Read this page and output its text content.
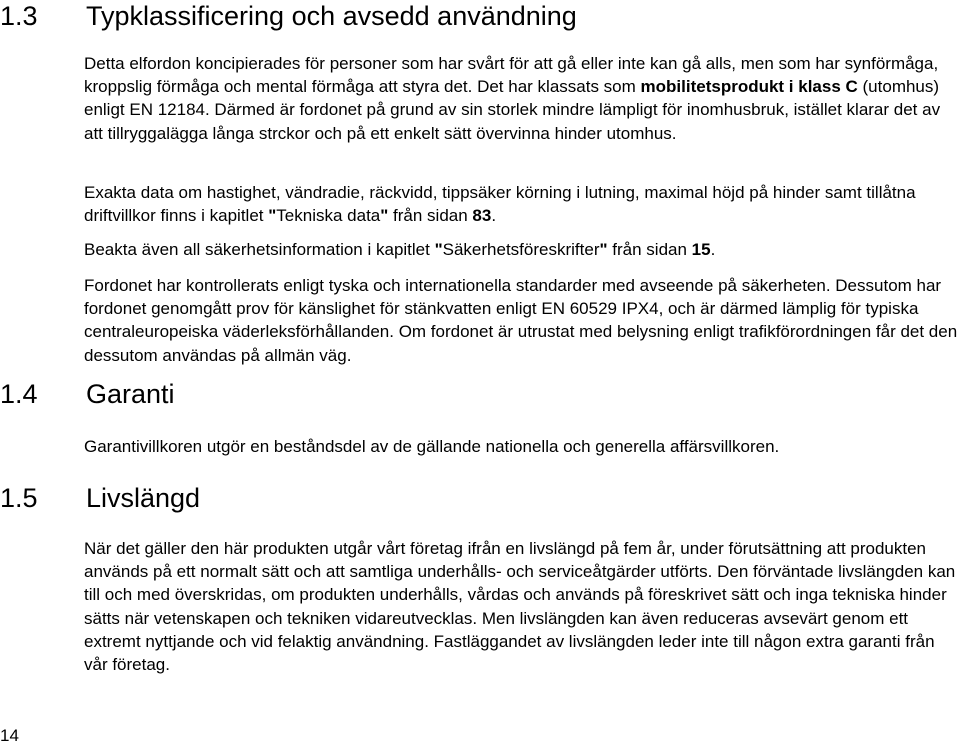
1.3 Typklassificering och avsedd användning

Detta elfordon koncipierades för personer som har svårt för att gå eller inte kan gå alls, men som har synförmåga, kroppslig förmåga och mental förmåga att styra det. Det har klassats som mobilitetsprodukt i klass C (utomhus) enligt EN 12184. Därmed är fordonet på grund av sin storlek mindre lämpligt för inomhusbruk, istället klarar det av att tillryggalägga långa strckor och på ett enkelt sätt övervinna hinder utomhus.

Exakta data om hastighet, vändradie, räckvidd, tippsäker körning i lutning, maximal höjd på hinder samt tillåtna driftvillkor finns i kapitlet "Tekniska data" från sidan 83.

Beakta även all säkerhetsinformation i kapitlet "Säkerhetsföreskrifter" från sidan 15.

Fordonet har kontrollerats enligt tyska och internationella standarder med avseende på säkerheten. Dessutom har fordonet genomgått prov för känslighet för stänkvatten enligt EN 60529 IPX4, och är därmed lämplig för typiska centraleuropeiska väderleksförhållanden. Om fordonet är utrustat med belysning enligt trafikförordningen får det den dessutom användas på allmän väg.

1.4 Garanti

Garantivillkoren utgör en beståndsdel av de gällande nationella och generella affärsvillkoren.

1.5 Livslängd

När det gäller den här produkten utgår vårt företag ifrån en livslängd på fem år, under förutsättning att produkten används på ett normalt sätt och att samtliga underhålls- och serviceåtgärder utförts. Den förväntade livslängden kan till och med överskridas, om produkten underhålls, vårdas och används på föreskrivet sätt och inga tekniska hinder sätts när vetenskapen och tekniken vidareutvecklas. Men livslängden kan även reduceras avsevärt genom ett extremt nyttjande och vid felaktig användning. Fastläggandet av livslängden leder inte till någon extra garanti från vår företag.

14
